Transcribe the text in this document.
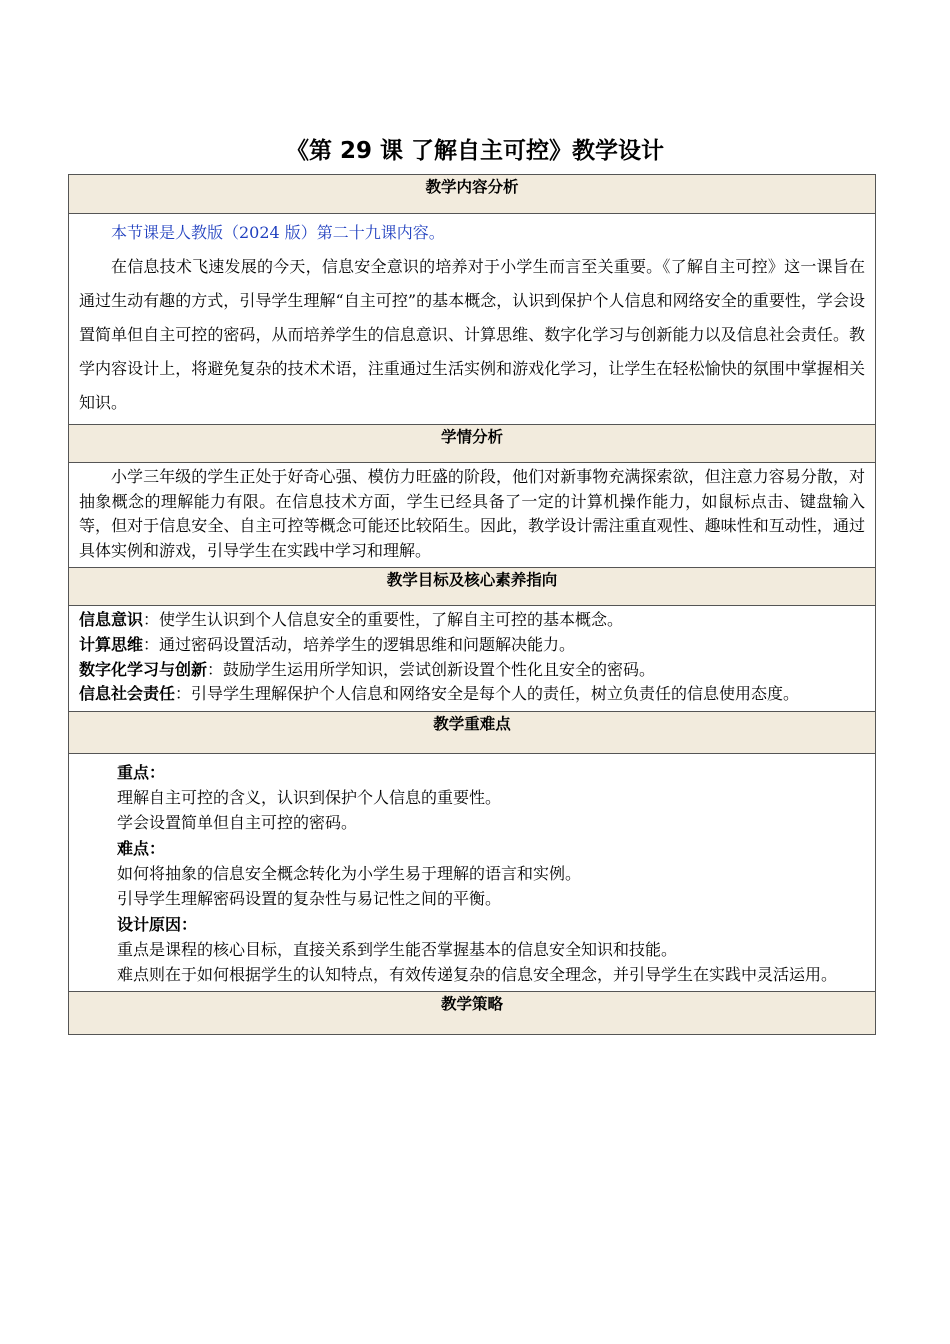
《第 29 课 了解自主可控》教学设计
教学内容分析

本节课是人教版（2024 版）第二十九课内容。

在信息技术飞速发展的今天，信息安全意识的培养对于小学生而言至关重要。《了解自主可控》这一课旨在通过生动有趣的方式，引导学生理解“自主可控”的基本概念，认识到保护个人信息和网络安全的重要性，学会设置简单但自主可控的密码，从而培养学生的信息意识、计算思维、数字化学习与创新能力以及信息社会责任。教学内容设计上，将避免复杂的技术术语，注重通过生活实例和游戏化学习，让学生在轻松愉快的氛围中掌握相关知识。

学情分析

小学三年级的学生正处于好奇心强、模仿力旺盛的阶段，他们对新事物充满探索欲，但注意力容易分散，对抽象概念的理解能力有限。在信息技术方面，学生已经具备了一定的计算机操作能力，如鼠标点击、键盘输入等，但对于信息安全、自主可控等概念可能还比较陌生。因此，教学设计需注重直观性、趣味性和互动性，通过具体实例和游戏，引导学生在实践中学习和理解。

教学目标及核心素养指向

信息意识：使学生认识到个人信息安全的重要性，了解自主可控的基本概念。

计算思维：通过密码设置活动，培养学生的逻辑思维和问题解决能力。

数字化学习与创新：鼓励学生运用所学知识，尝试创新设置个性化且安全的密码。

信息社会责任：引导学生理解保护个人信息和网络安全是每个人的责任，树立负责任的信息使用态度。

教学重难点

重点：

理解自主可控的含义，认识到保护个人信息的重要性。

学会设置简单但自主可控的密码。

难点：

如何将抽象的信息安全概念转化为小学生易于理解的语言和实例。

引导学生理解密码设置的复杂性与易记性之间的平衡。

设计原因：

重点是课程的核心目标，直接关系到学生能否掌握基本的信息安全知识和技能。

难点则在于如何根据学生的认知特点，有效传递复杂的信息安全理念，并引导学生在实践中灵活运用。

教学策略
